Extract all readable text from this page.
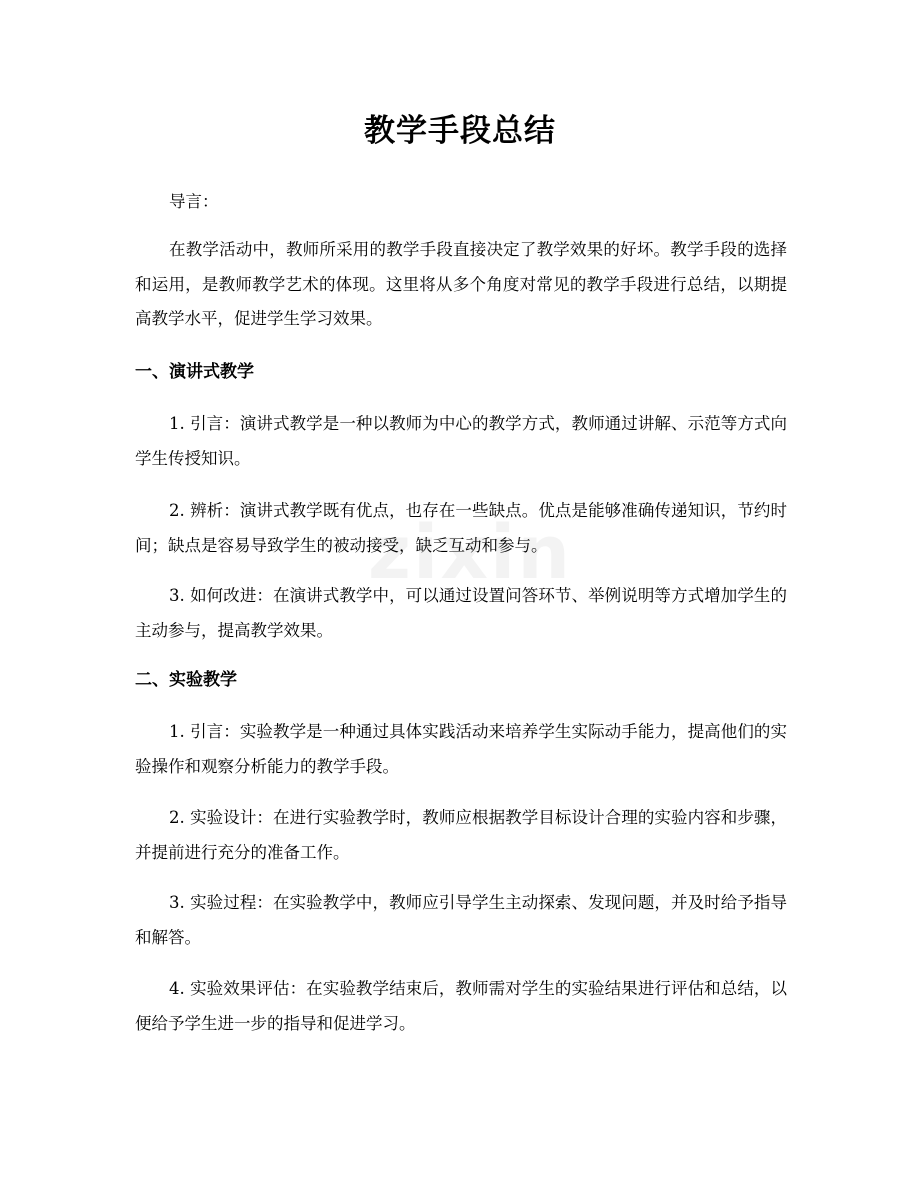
教学手段总结

导言：

在教学活动中，教师所采用的教学手段直接决定了教学效果的好坏。教学手段的选择和运用，是教师教学艺术的体现。这里将从多个角度对常见的教学手段进行总结，以期提高教学水平，促进学生学习效果。

一、演讲式教学

1. 引言：演讲式教学是一种以教师为中心的教学方式，教师通过讲解、示范等方式向学生传授知识。

2. 辨析：演讲式教学既有优点，也存在一些缺点。优点是能够准确传递知识，节约时间；缺点是容易导致学生的被动接受，缺乏互动和参与。

3. 如何改进：在演讲式教学中，可以通过设置问答环节、举例说明等方式增加学生的主动参与，提高教学效果。

二、实验教学

1. 引言：实验教学是一种通过具体实践活动来培养学生实际动手能力，提高他们的实验操作和观察分析能力的教学手段。

2. 实验设计：在进行实验教学时，教师应根据教学目标设计合理的实验内容和步骤，并提前进行充分的准备工作。

3. 实验过程：在实验教学中，教师应引导学生主动探索、发现问题，并及时给予指导和解答。

4. 实验效果评估：在实验教学结束后，教师需对学生的实验结果进行评估和总结，以便给予学生进一步的指导和促进学习。
